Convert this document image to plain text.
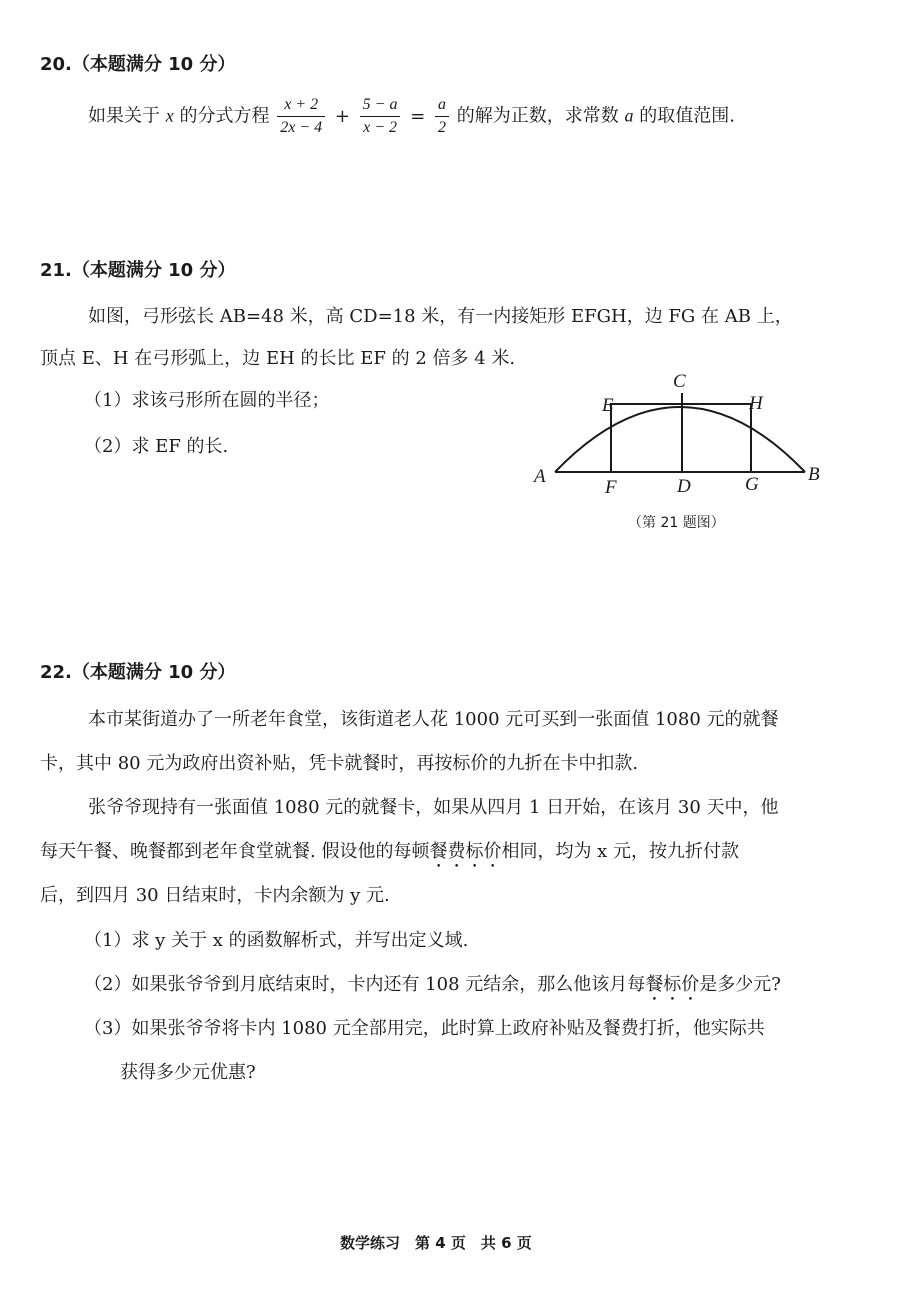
20.（本题满分 10 分）
如果关于 x 的分式方程 $\frac{x + 2}{2x - 4} + \frac{5 - a}{x - 2} = \frac{a}{2}$ 的解为正数，求常数 a 的取值范围.
21.（本题满分 10 分）
如图，弓形弦长 AB=48 米，高 CD=18 米，有一内接矩形 EFGH，边 FG 在 AB 上，
顶点 E、H 在弓形弧上，边 EH 的长比 EF 的 2 倍多 4 米.
（1）求该弓形所在圆的半径；
（2）求 EF 的长.
A	B
C
D
E
F	G
H
（第 21 题图）
22.（本题满分 10 分）
本市某街道办了一所老年食堂，该街道老人花 1000 元可买到一张面值 1080 元的就餐
卡，其中 80 元为政府出资补贴，凭卡就餐时，再按标价的九折在卡中扣款.
张爷爷现持有一张面值 1080 元的就餐卡，如果从四月 1 日开始，在该月 30 天中，他
每天午餐、晚餐都到老年食堂就餐. 假设他的每顿餐费标价相同，均为 x 元，按九折付款
后，到四月 30 日结束时，卡内余额为 y 元.
（1）求 y 关于 x 的函数解析式，并写出定义域.
（2）如果张爷爷到月底结束时，卡内还有 108 元结余，那么他该月每餐标价是多少元?
（3）如果张爷爷将卡内 1080 元全部用完，此时算上政府补贴及餐费打折，他实际共
获得多少元优惠?
数学练习　第 4 页　共 6 页
